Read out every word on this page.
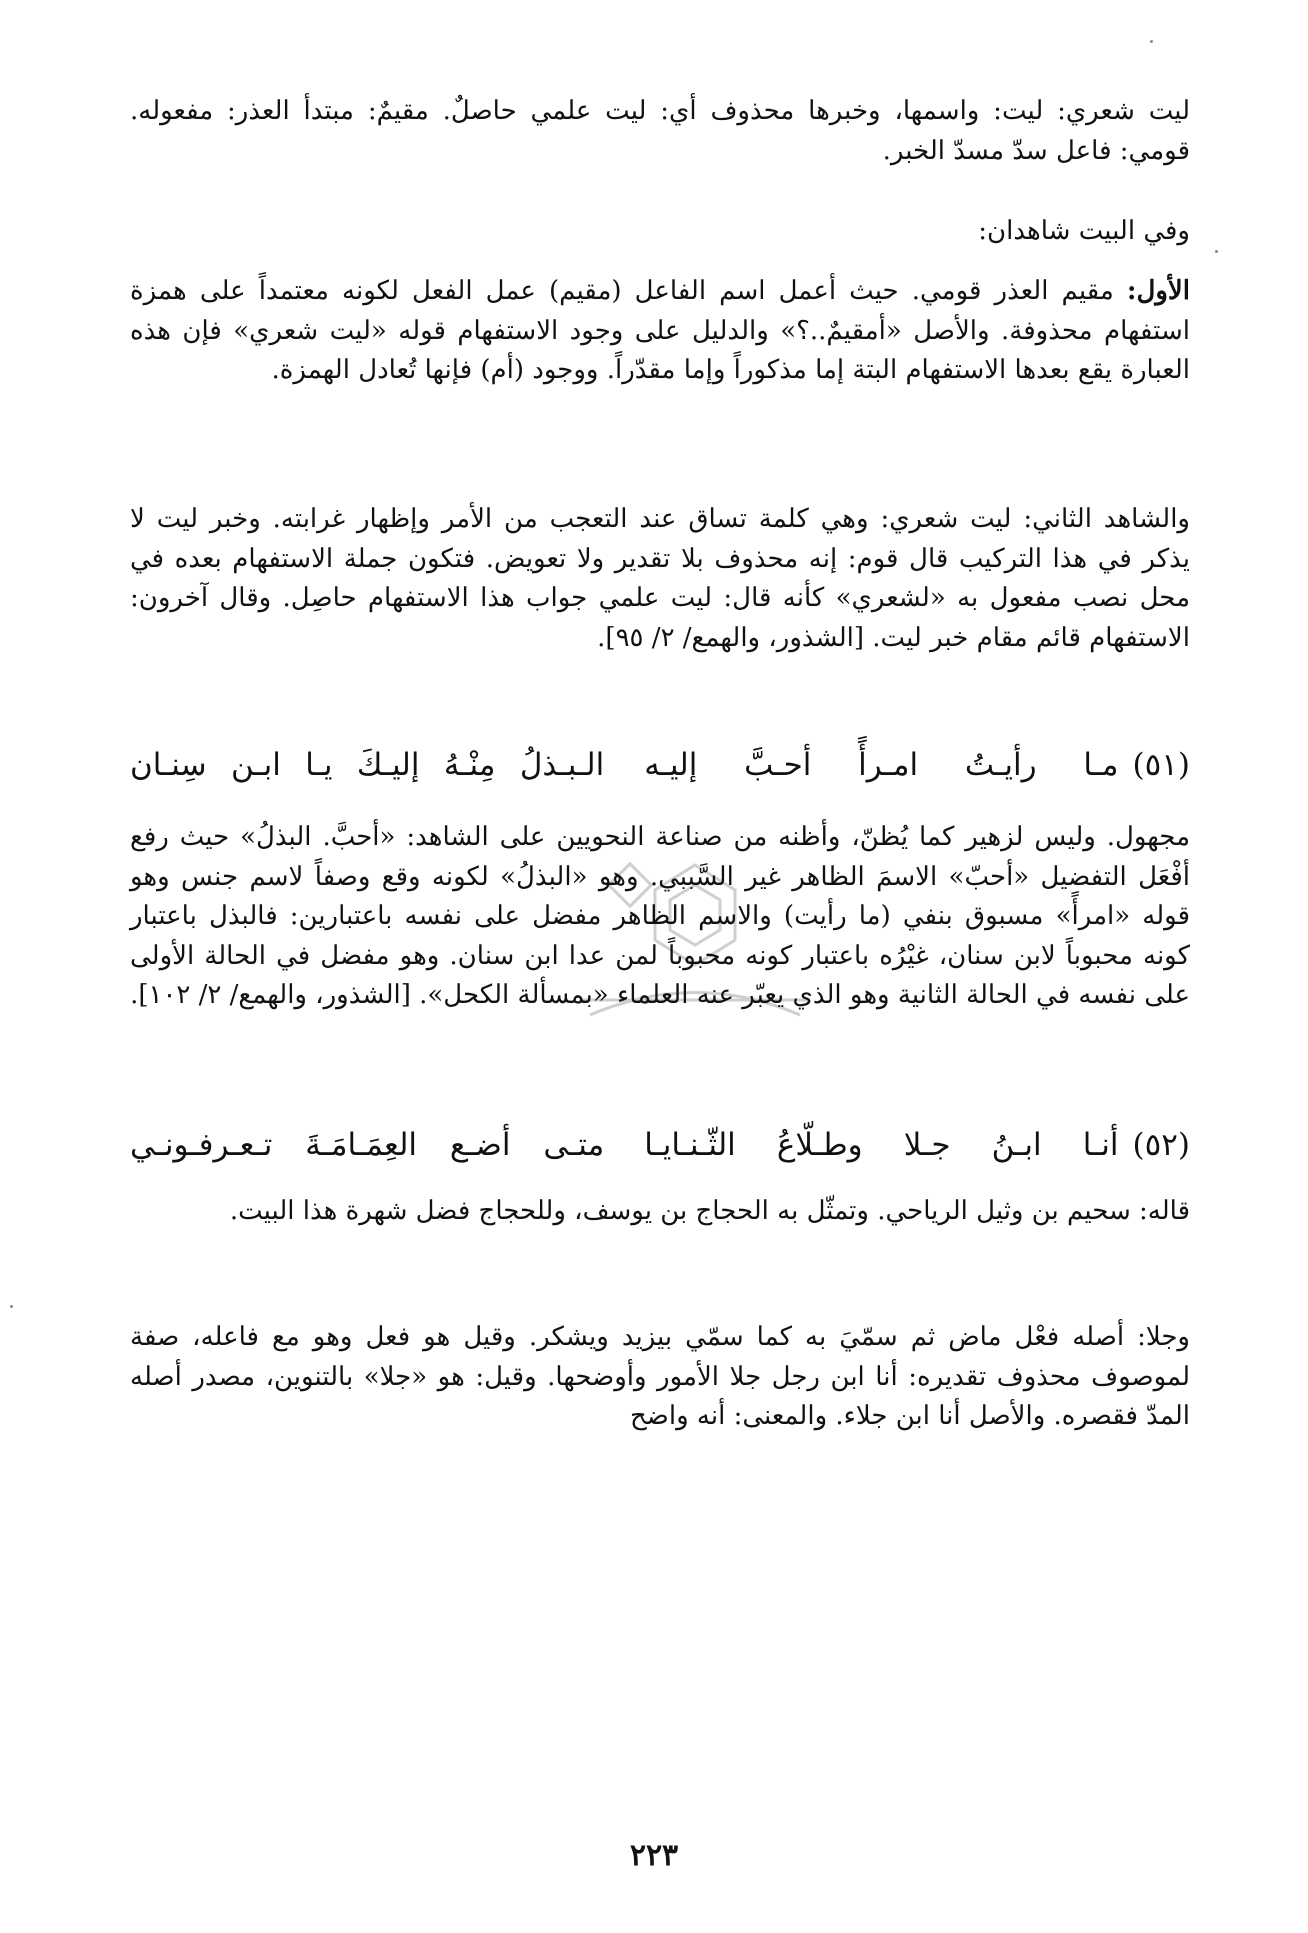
ليت شعري: ليت: واسمها، وخبرها محذوف أي: ليت علمي حاصلٌ. مقيمٌ: مبتدأ العذر: مفعوله. قومي: فاعل سدّ مسدّ الخبر.

وفي البيت شاهدان:

الأول: مقيم العذر قومي. حيث أعمل اسم الفاعل (مقيم) عمل الفعل لكونه معتمداً على همزة استفهام محذوفة. والأصل «أمقيمٌ..؟» والدليل على وجود الاستفهام قوله «ليت شعري» فإن هذه العبارة يقع بعدها الاستفهام البتة إما مذكوراً وإما مقدّراً. ووجود (أم) فإنها تُعادل الهمزة.

والشاهد الثاني: ليت شعري: وهي كلمة تساق عند التعجب من الأمر وإظهار غرابته. وخبر ليت لا يذكر في هذا التركيب قال قوم: إنه محذوف بلا تقدير ولا تعويض. فتكون جملة الاستفهام بعده في محل نصب مفعول به «لشعري» كأنه قال: ليت علمي جواب هذا الاستفهام حاصِل. وقال آخرون: الاستفهام قائم مقام خبر ليت. [الشذور، والهمع/ ٢/ ٩٥].

(٥١)
مـا رأيـتُ امـرأً أحـبَّ إليـه
الـبـذلُ مِنْـهُ إليـكَ يـا ابـن سِنـان

مجهول. وليس لزهير كما يُظنّ، وأظنه من صناعة النحويين على الشاهد: «أحبَّ. البذلُ» حيث رفع أفْعَل التفضيل «أحبّ» الاسمَ الظاهر غير السَّببي. وهو «البذلُ» لكونه وقع وصفاً لاسم جنس وهو قوله «امرأً» مسبوق بنفي (ما رأيت) والاسم الظاهر مفضل على نفسه باعتبارين: فالبذل باعتبار كونه محبوباً لابن سنان، غيْرُه باعتبار كونه محبوباً لمن عدا ابن سنان. وهو مفضل في الحالة الأولى على نفسه في الحالة الثانية وهو الذي يعبّر عنه العلماء «بمسألة الكحل». [الشذور، والهمع/ ٢/ ١٠٢].

(٥٢)
أنـا ابـنُ جـلا وطـلّاعُ الثّـنـايـا
متـى أضـع العِمَـامَـةَ تـعـرفـونـي

قاله: سحيم بن وثيل الرياحي. وتمثّل به الحجاج بن يوسف، وللحجاج فضل شهرة هذا البيت.

وجلا: أصله فعْل ماض ثم سمّيَ به كما سمّي بيزيد ويشكر. وقيل هو فعل وهو مع فاعله، صفة لموصوف محذوف تقديره: أنا ابن رجل جلا الأمور وأوضحها. وقيل: هو «جلا» بالتنوين، مصدر أصله المدّ فقصره. والأصل أنا ابن جلاء. والمعنى: أنه واضح

٢٢٣
